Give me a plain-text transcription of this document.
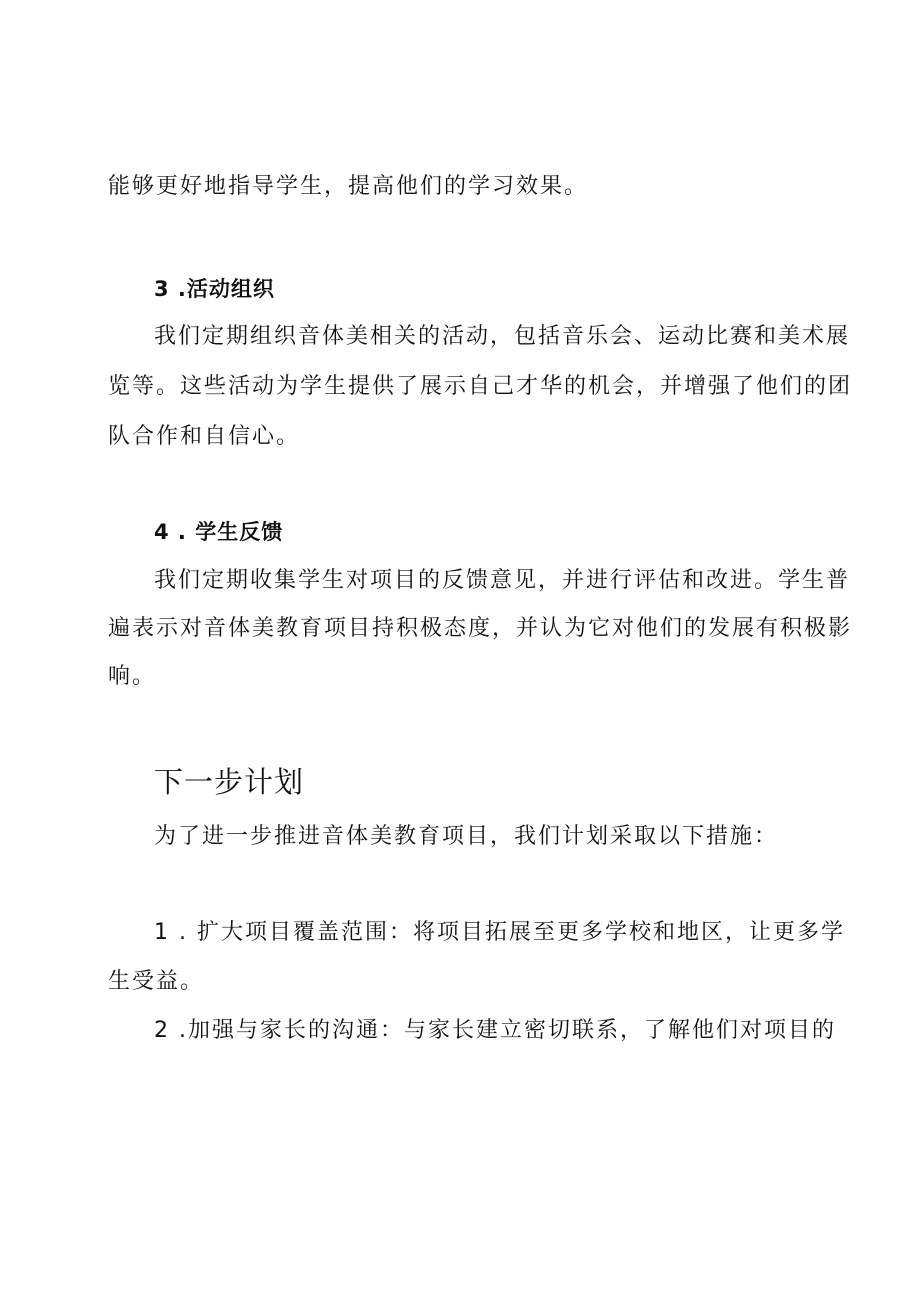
能够更好地指导学生，提高他们的学习效果。
3 .活动组织
我们定期组织音体美相关的活动，包括音乐会、运动比赛和美术展
览等。这些活动为学生提供了展示自己才华的机会，并增强了他们的团
队合作和自信心。
4 . 学生反馈
我们定期收集学生对项目的反馈意见，并进行评估和改进。学生普
遍表示对音体美教育项目持积极态度，并认为它对他们的发展有积极影
响。
下一步计划
为了进一步推进音体美教育项目，我们计划采取以下措施：
1 . 扩大项目覆盖范围：将项目拓展至更多学校和地区，让更多学
生受益。
2 .加强与家长的沟通：与家长建立密切联系，了解他们对项目的
